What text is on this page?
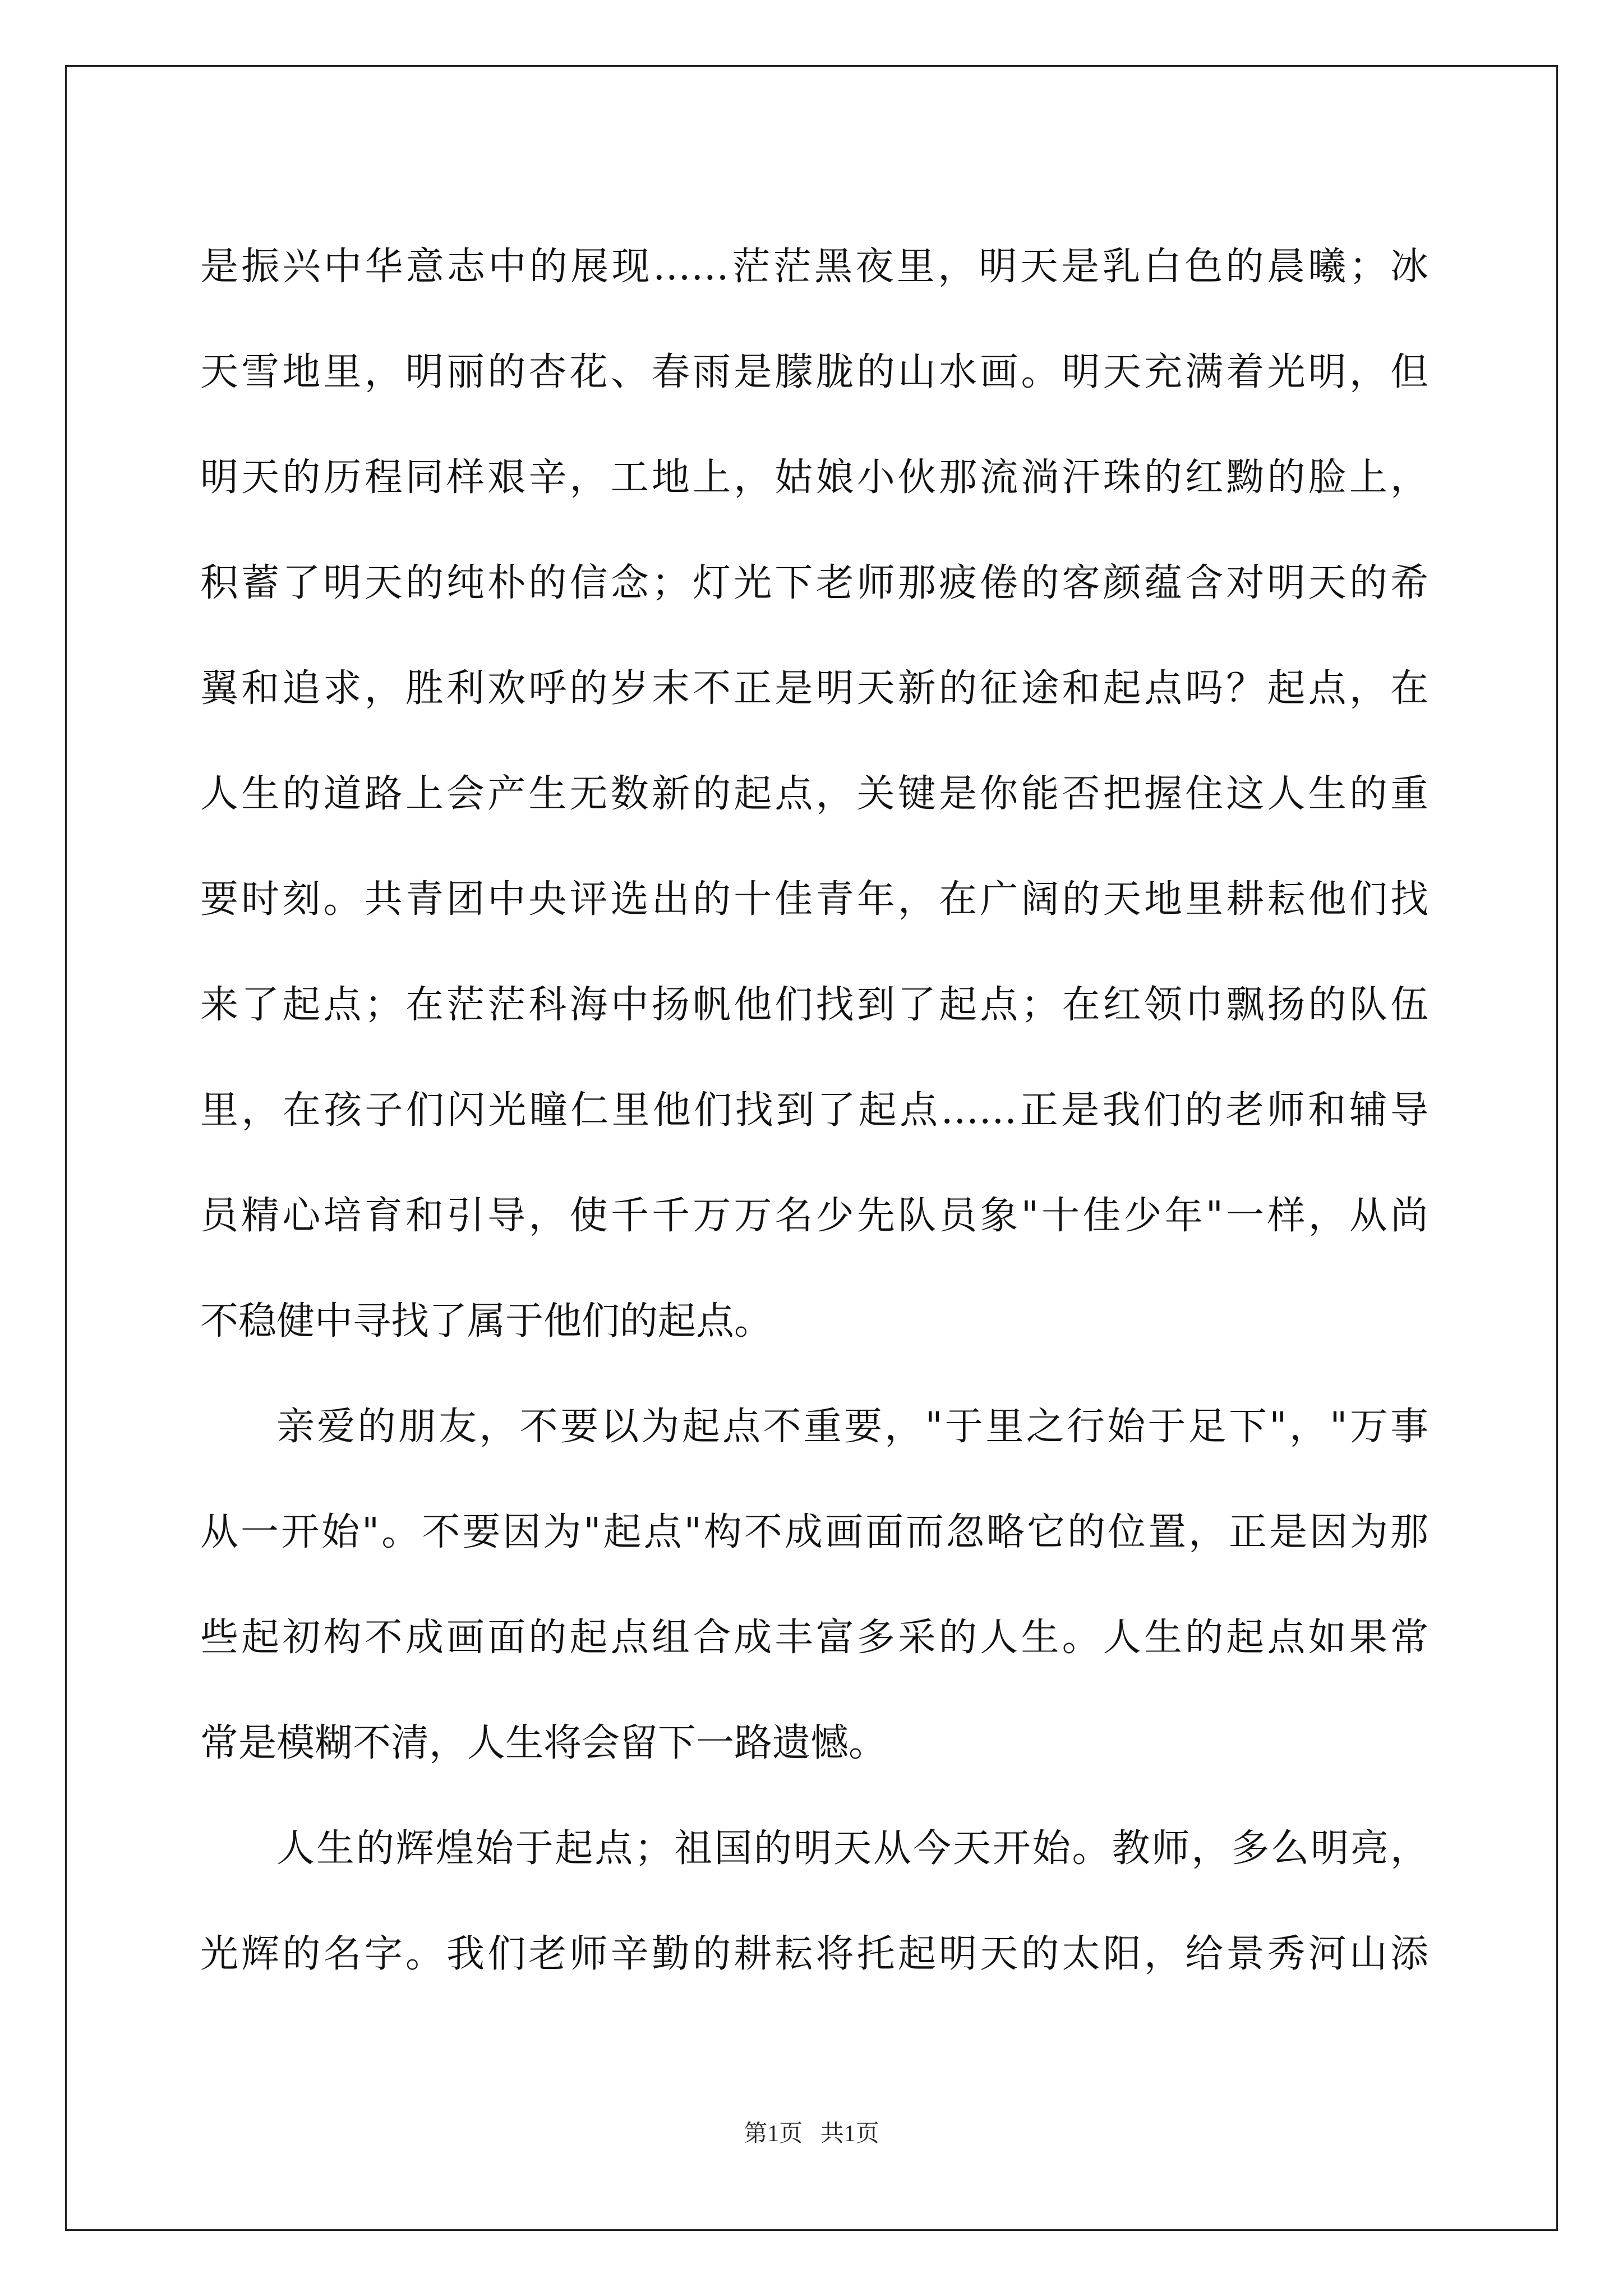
是振兴中华意志中的展现……茫茫黑夜里，明天是乳白色的晨曦；冰
天雪地里，明丽的杏花、春雨是朦胧的山水画。明天充满着光明，但
明天的历程同样艰辛，工地上，姑娘小伙那流淌汗珠的红黝的脸上，
积蓄了明天的纯朴的信念；灯光下老师那疲倦的客颜蕴含对明天的希
翼和追求，胜利欢呼的岁末不正是明天新的征途和起点吗？起点，在
人生的道路上会产生无数新的起点，关键是你能否把握住这人生的重
要时刻。共青团中央评选出的十佳青年，在广阔的天地里耕耘他们找
来了起点；在茫茫科海中扬帆他们找到了起点；在红领巾飘扬的队伍
里，在孩子们闪光瞳仁里他们找到了起点……正是我们的老师和辅导
员精心培育和引导，使千千万万名少先队员象"十佳少年"一样，从尚
不稳健中寻找了属于他们的起点。
亲爱的朋友，不要以为起点不重要，"于里之行始于足下"，"万事
从一开始"。不要因为"起点"构不成画面而忽略它的位置，正是因为那
些起初构不成画面的起点组合成丰富多采的人生。人生的起点如果常
常是模糊不清，人生将会留下一路遗憾。
人生的辉煌始于起点；祖国的明天从今天开始。教师，多么明亮，
光辉的名字。我们老师辛勤的耕耘将托起明天的太阳，给景秀河山添
第1页   共1页
